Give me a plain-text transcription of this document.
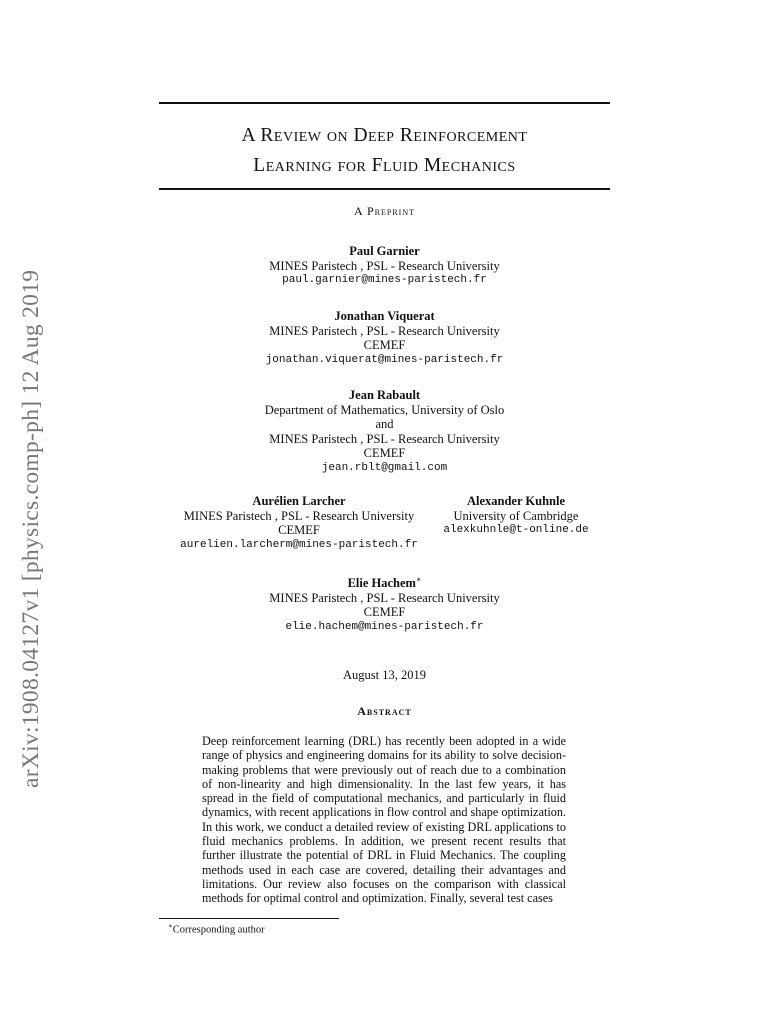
arXiv:1908.04127v1 [physics.comp-ph] 12 Aug 2019
A Review on Deep Reinforcement
Learning for Fluid Mechanics
A Preprint
Paul Garnier
MINES Paristech , PSL - Research University
paul.garnier@mines-paristech.fr
Jonathan Viquerat
MINES Paristech , PSL - Research University
CEMEF
jonathan.viquerat@mines-paristech.fr
Jean Rabault
Department of Mathematics, University of Oslo
and
MINES Paristech , PSL - Research University
CEMEF
jean.rblt@gmail.com
Aurélien Larcher
MINES Paristech , PSL - Research University
CEMEF
aurelien.larcherm@mines-paristech.fr
Alexander Kuhnle
University of Cambridge
alexkuhnle@t-online.de
Elie Hachem∗
MINES Paristech , PSL - Research University
CEMEF
elie.hachem@mines-paristech.fr
August 13, 2019
Abstract
Deep reinforcement learning (DRL) has recently been adopted in a wide range of physics and engineering domains for its ability to solve decision-making problems that were previously out of reach due to a combination of non-linearity and high dimensionality. In the last few years, it has spread in the field of computational mechanics, and particularly in fluid dynamics, with recent applications in flow control and shape optimization. In this work, we conduct a detailed review of existing DRL applications to fluid mechanics problems. In addition, we present recent results that further illustrate the potential of DRL in Fluid Mechanics. The coupling methods used in each case are covered, detailing their advantages and limitations. Our review also focuses on the comparison with classical methods for optimal control and optimization. Finally, several test cases
∗Corresponding author
